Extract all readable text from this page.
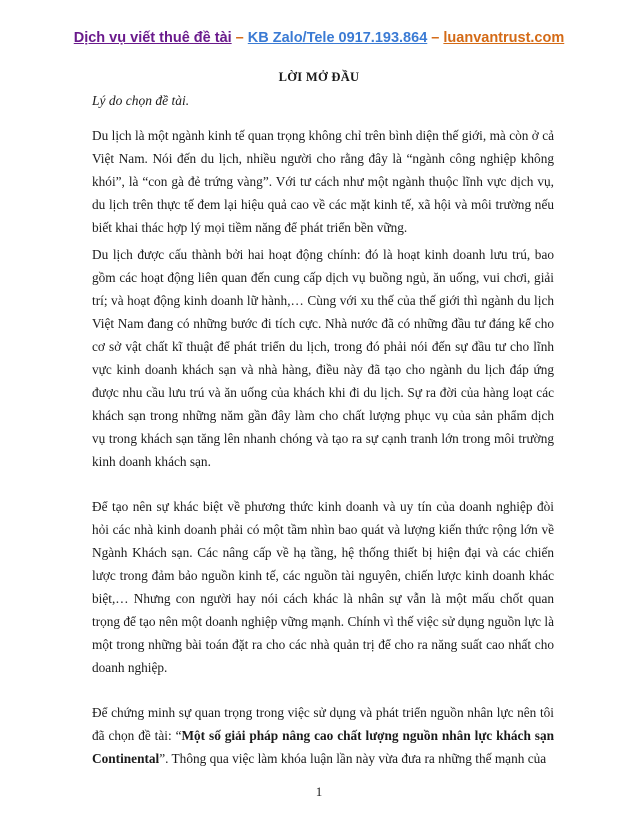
Dịch vụ viết thuê đề tài – KB Zalo/Tele 0917.193.864 – luanvantrust.com
LỜI MỞ ĐẦU
Lý do chọn đề tài.

Du lịch là một ngành kinh tế quan trọng không chỉ trên bình diện thế giới, mà còn ở cả Việt Nam. Nói đến du lịch, nhiều người cho rằng đây là “ngành công nghiệp không khói”, là “con gà đẻ trứng vàng”. Với tư cách như một ngành thuộc lĩnh vực dịch vụ, du lịch trên thực tế đem lại hiệu quả cao về các mặt kinh tế, xã hội và môi trường nếu biết khai thác hợp lý mọi tiềm năng để phát triển bền vững.

Du lịch được cấu thành bởi hai hoạt động chính: đó là hoạt kinh doanh lưu trú, bao gồm các hoạt động liên quan đến cung cấp dịch vụ buồng ngủ, ăn uống, vui chơi, giải trí; và hoạt động kinh doanh lữ hành,… Cùng với xu thế của thế giới thì ngành du lịch Việt Nam đang có những bước đi tích cực. Nhà nước đã có những đầu tư đáng kể cho cơ sở vật chất kĩ thuật để phát triển du lịch, trong đó phải nói đến sự đầu tư cho lĩnh vực kinh doanh khách sạn và nhà hàng, điều này đã tạo cho ngành du lịch đáp ứng được nhu cầu lưu trú và ăn uống của khách khi đi du lịch. Sự ra đời của hàng loạt các khách sạn trong những năm gần đây làm cho chất lượng phục vụ của sản phẩm dịch vụ trong khách sạn tăng lên nhanh chóng và tạo ra sự cạnh tranh lớn trong môi trường kinh doanh khách sạn.

Để tạo nên sự khác biệt về phương thức kinh doanh và uy tín của doanh nghiệp đòi hỏi các nhà kinh doanh phải có một tầm nhìn bao quát và lượng kiến thức rộng lớn về Ngành Khách sạn. Các nâng cấp về hạ tầng, hệ thống thiết bị hiện đại và các chiến lược trong đảm bảo nguồn kinh tế, các nguồn tài nguyên, chiến lược kinh doanh khác biệt,… Nhưng con người hay nói cách khác là nhân sự vẫn là một mấu chốt quan trọng để tạo nên một doanh nghiệp vững mạnh. Chính vì thế việc sử dụng nguồn lực là một trong những bài toán đặt ra cho các nhà quản trị để cho ra năng suất cao nhất cho doanh nghiệp.

Để chứng minh sự quan trọng trong việc sử dụng và phát triển nguồn nhân lực nên tôi đã chọn đề tài: “Một số giải pháp nâng cao chất lượng nguồn nhân lực khách sạn Continental”. Thông qua việc làm khóa luận lần này vừa đưa ra những thế mạnh của

1
